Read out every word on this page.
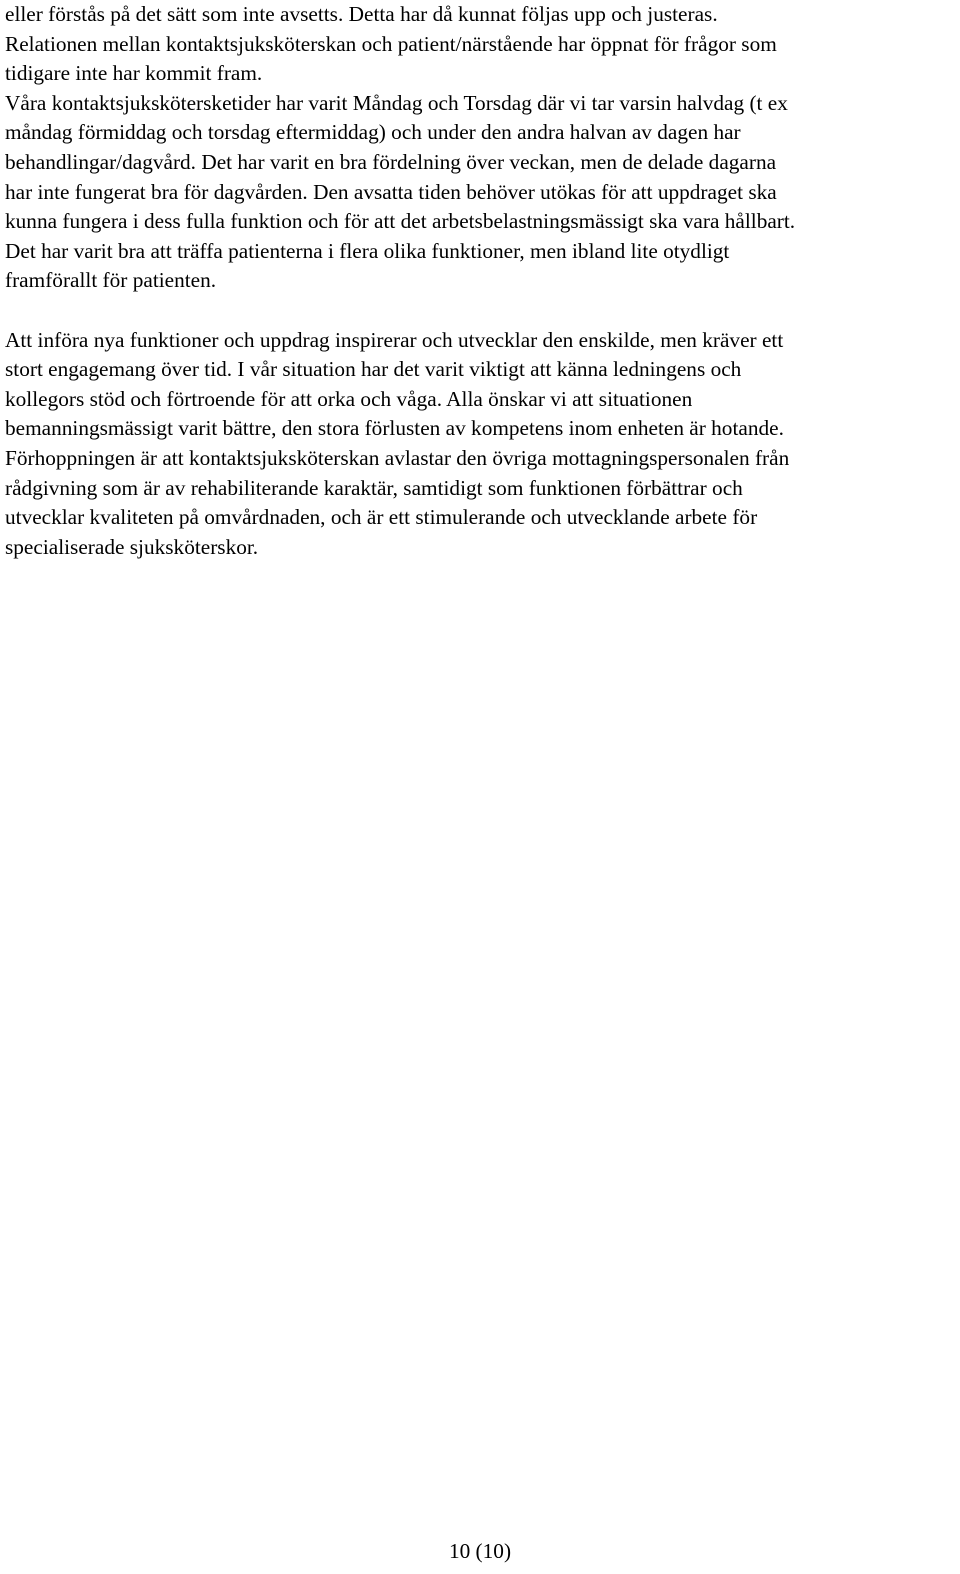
eller förstås på det sätt som inte avsetts. Detta har då kunnat följas upp och justeras.
Relationen mellan kontaktsjuksköterskan och patient/närstående har öppnat för frågor som
tidigare inte har kommit fram.
Våra kontaktsjukskötersketider har varit Måndag och Torsdag där vi tar varsin halvdag (t ex
måndag förmiddag och torsdag eftermiddag) och under den andra halvan av dagen har
behandlingar/dagvård. Det har varit en bra fördelning över veckan, men de delade dagarna
har inte fungerat bra för dagvården. Den avsatta tiden behöver utökas för att uppdraget ska
kunna fungera i dess fulla funktion och för att det arbetsbelastningsmässigt ska vara hållbart.
Det har varit bra att träffa patienterna i flera olika funktioner, men ibland lite otydligt
framförallt för patienten.

Att införa nya funktioner och uppdrag inspirerar och utvecklar den enskilde, men kräver ett
stort engagemang över tid. I vår situation har det varit viktigt att känna ledningens och
kollegors stöd och förtroende för att orka och våga. Alla önskar vi att situationen
bemanningsmässigt varit bättre, den stora förlusten av kompetens inom enheten är hotande.
Förhoppningen är att kontaktsjuksköterskan avlastar den övriga mottagningspersonalen från
rådgivning som är av rehabiliterande karaktär, samtidigt som funktionen förbättrar och
utvecklar kvaliteten på omvårdnaden, och är ett stimulerande och utvecklande arbete för
specialiserade sjuksköterskor.

10 (10)
